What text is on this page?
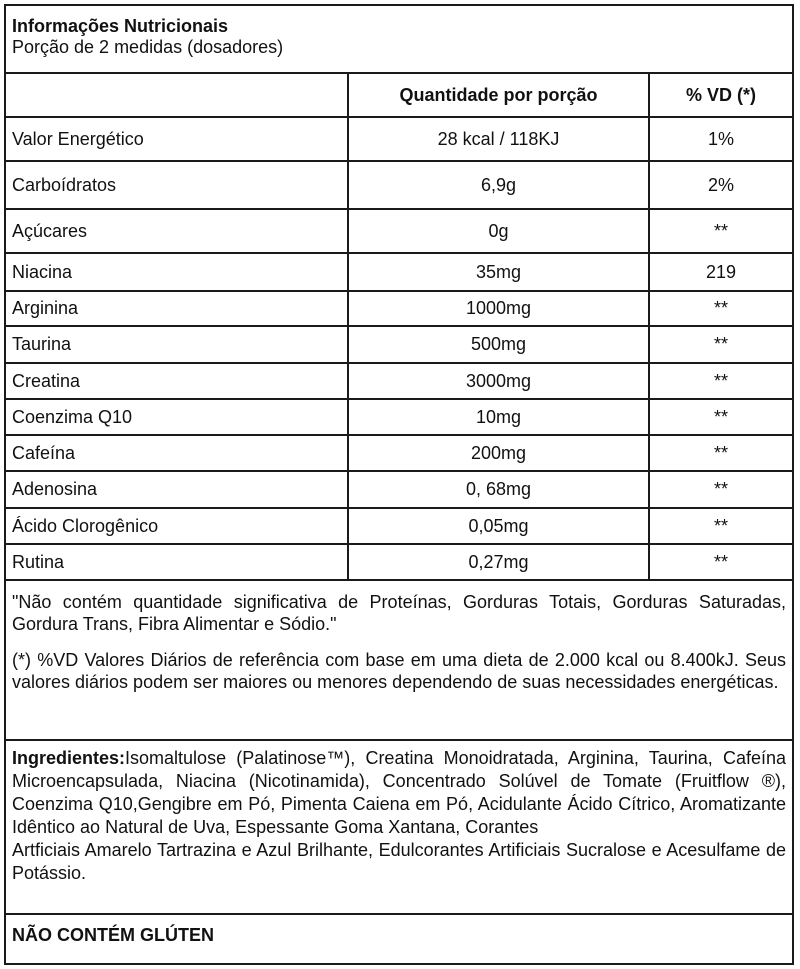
Informações Nutricionais
Porção de 2 medidas (dosadores)
	Quantidade por porção	% VD (*)
Valor Energético	28 kcal / 118KJ	1%
Carboídratos	6,9g	2%
Açúcares	0g	**
Niacina	35mg	219
Arginina	1000mg	**
Taurina	500mg	**
Creatina	3000mg	**
Coenzima Q10	10mg	**
Cafeína	200mg	**
Adenosina	0, 68mg	**
Ácido Clorogênico	0,05mg	**
Rutina	0,27mg	**

"Não contém quantidade significativa de Proteínas, Gorduras Totais, Gorduras Saturadas, Gordura Trans, Fibra Alimentar e Sódio."

(*) %VD Valores Diários de referência com base em uma dieta de 2.000 kcal ou 8.400kJ. Seus valores diários podem ser maiores ou menores dependendo de suas necessidades energéticas.

Ingredientes:Isomaltulose (Palatinose™), Creatina Monoidratada, Arginina, Taurina, Cafeína Microencapsulada, Niacina (Nicotinamida), Concentrado Solúvel de Tomate (Fruitflow ®), Coenzima Q10,Gengibre em Pó, Pimenta Caiena em Pó, Acidulante Ácido Cítrico, Aromatizante Idêntico ao Natural de Uva, Espessante Goma Xantana, Corantes
Artficiais Amarelo Tartrazina e Azul Brilhante, Edulcorantes Artificiais Sucralose e Acesulfame de Potássio.
NÃO CONTÉM GLÚTEN
